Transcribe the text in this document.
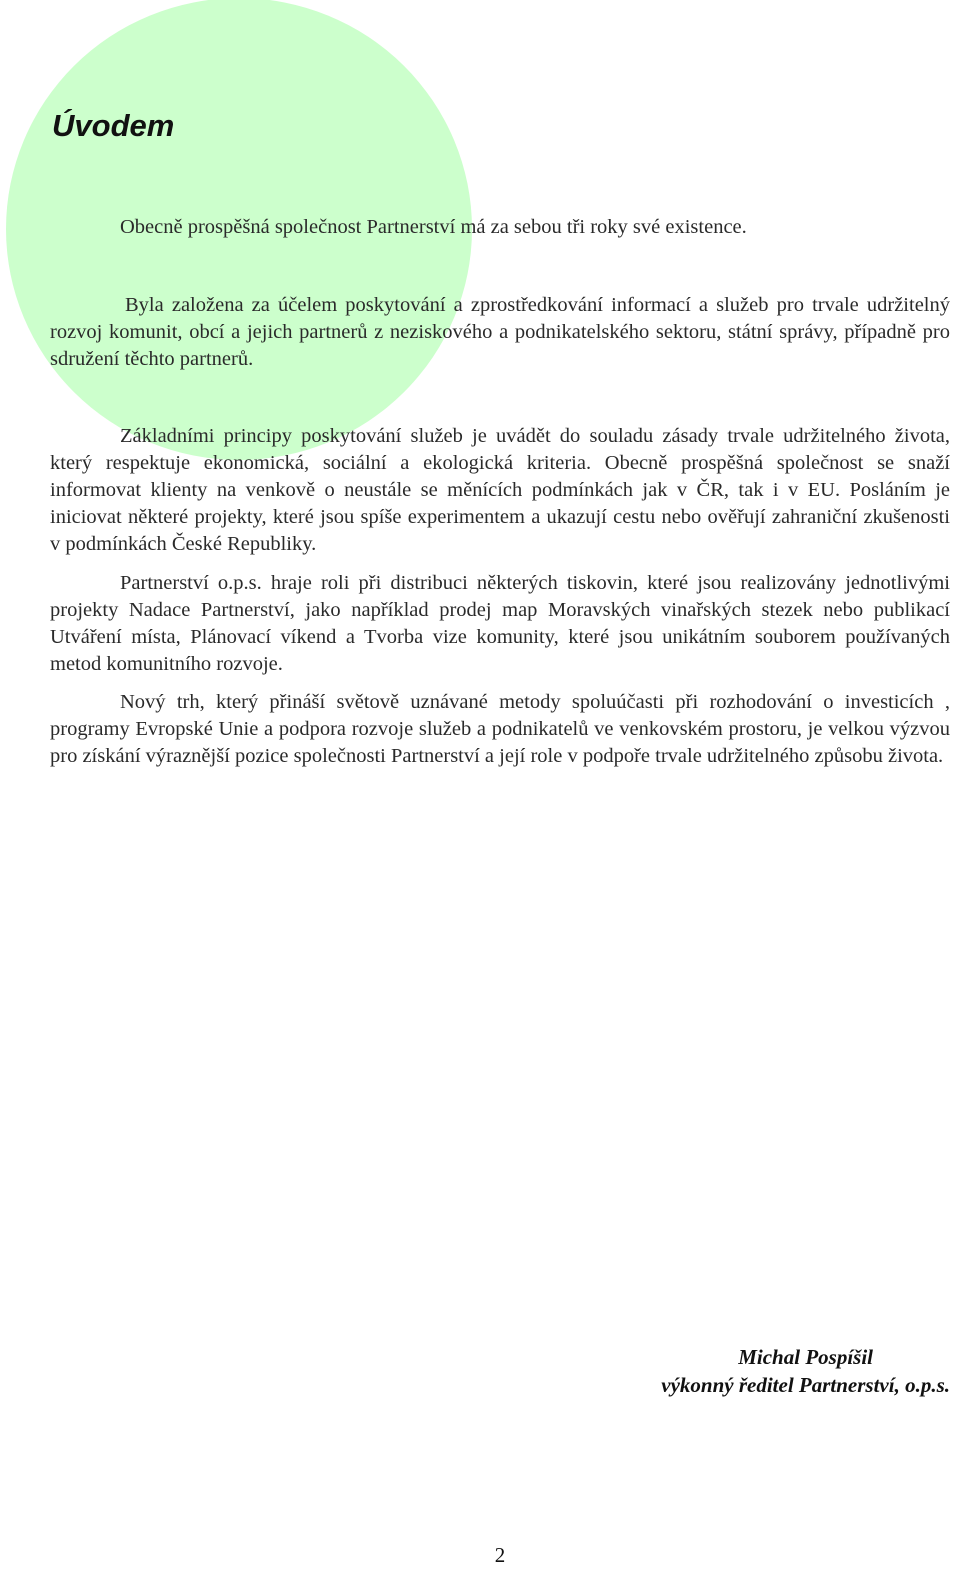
Úvodem

Obecně prospěšná společnost Partnerství má za sebou tři roky své existence.

Byla založena za účelem poskytování a zprostředkování informací a služeb pro trvale udržitelný rozvoj komunit, obcí a jejich partnerů z neziskového a podnikatelského sektoru, státní správy, případně pro sdružení těchto partnerů.

Základními principy poskytování služeb je uvádět do souladu zásady trvale udržitelného života, který respektuje ekonomická, sociální a ekologická kriteria. Obecně prospěšná společnost se snaží informovat klienty na venkově o neustále se měnících podmínkách jak v ČR, tak i v EU. Posláním je iniciovat některé projekty, které jsou spíše experimentem a ukazují cestu nebo ověřují zahraniční zkušenosti v podmínkách České Republiky.

Partnerství o.p.s. hraje roli při distribuci některých tiskovin, které jsou realizovány jednotlivými projekty Nadace Partnerství, jako například prodej map Moravských vinařských stezek nebo publikací Utváření místa, Plánovací víkend a Tvorba vize komunity, které jsou unikátním souborem používaných metod komunitního rozvoje.

Nový trh, který přináší světově uznávané metody spoluúčasti při rozhodování o investicích , programy Evropské Unie a podpora rozvoje služeb a podnikatelů ve venkovském prostoru, je velkou výzvou pro získání výraznější pozice společnosti Partnerství a její role v podpoře trvale udržitelného způsobu života.

Michal Pospíšil
výkonný ředitel Partnerství, o.p.s.
2
